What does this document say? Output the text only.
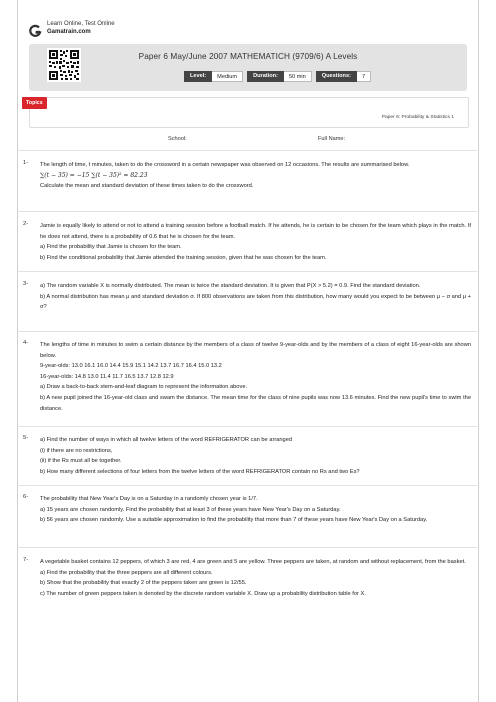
Learn Online, Test Online
Gamatrain.com
Paper 6 May/June 2007 MATHEMATICH (9709/6) A Levels
Level:	Medium	Duration:	50 min	Questions:	7
Topics
Paper 6: Probability & Statistics 1
School:	Full Name:
1-	The length of time, t minutes, taken to do the crossword in a certain newspaper was observed on 12 occasions. The results are summarised below.

∑(t − 35) = −15 ∑(t − 35)² = 82.23

Calculate the mean and standard deviation of these times taken to do the crossword.

2-	Jamie is equally likely to attend or not to attend a training session before a football match. If he attends, he is certain to be chosen for the team which plays in the match. If he does not attend, there is a probability of 0.6 that he is chosen for the team.

a) Find the probability that Jamie is chosen for the team.

b) Find the conditional probability that Jamie attended the training session, given that he was chosen for the team.

3-	a) The random variable X is normally distributed. The mean is twice the standard deviation. It is given that P(X > 5.2) = 0.9. Find the standard deviation.

b) A normal distribution has mean μ and standard deviation σ. If 800 observations are taken from this distribution, how many would you expect to be between μ − σ and μ + σ?

4-	The lengths of time in minutes to swim a certain distance by the members of a class of twelve 9-year-olds and by the members of a class of eight 16-year-olds are shown below.

9-year-olds: 13.0 16.1 16.0 14.4 15.9 15.1 14.2 13.7 16.7 16.4 15.0 13.2

16-year-olds: 14.8 13.0 11.4 11.7 16.5 13.7 12.8 12.9

a) Draw a back-to-back stem-and-leaf diagram to represent the information above.

b) A new pupil joined the 16-year-old class and swam the distance. The mean time for the class of nine pupils was now 13.6 minutes. Find the new pupil's time to swim the distance.

5-	a) Find the number of ways in which all twelve letters of the word REFRIGERATOR can be arranged

(i) if there are no restrictions,

(ii) if the Rs must all be together.

b) How many different selections of four letters from the twelve letters of the word REFRIGERATOR contain no Rs and two Es?

6-	The probability that New Year's Day is on a Saturday in a randomly chosen year is 1/7.

a) 15 years are chosen randomly. Find the probability that at least 3 of these years have New Year's Day on a Saturday.

b) 56 years are chosen randomly. Use a suitable approximation to find the probability that more than 7 of these years have New Year's Day on a Saturday.

7-	A vegetable basket contains 12 peppers, of which 3 are red, 4 are green and 5 are yellow. Three peppers are taken, at random and without replacement, from the basket.

a) Find the probability that the three peppers are all different colours.

b) Show that the probability that exactly 2 of the peppers taken are green is 12/55.

c) The number of green peppers taken is denoted by the discrete random variable X. Draw up a probability distribution table for X.
